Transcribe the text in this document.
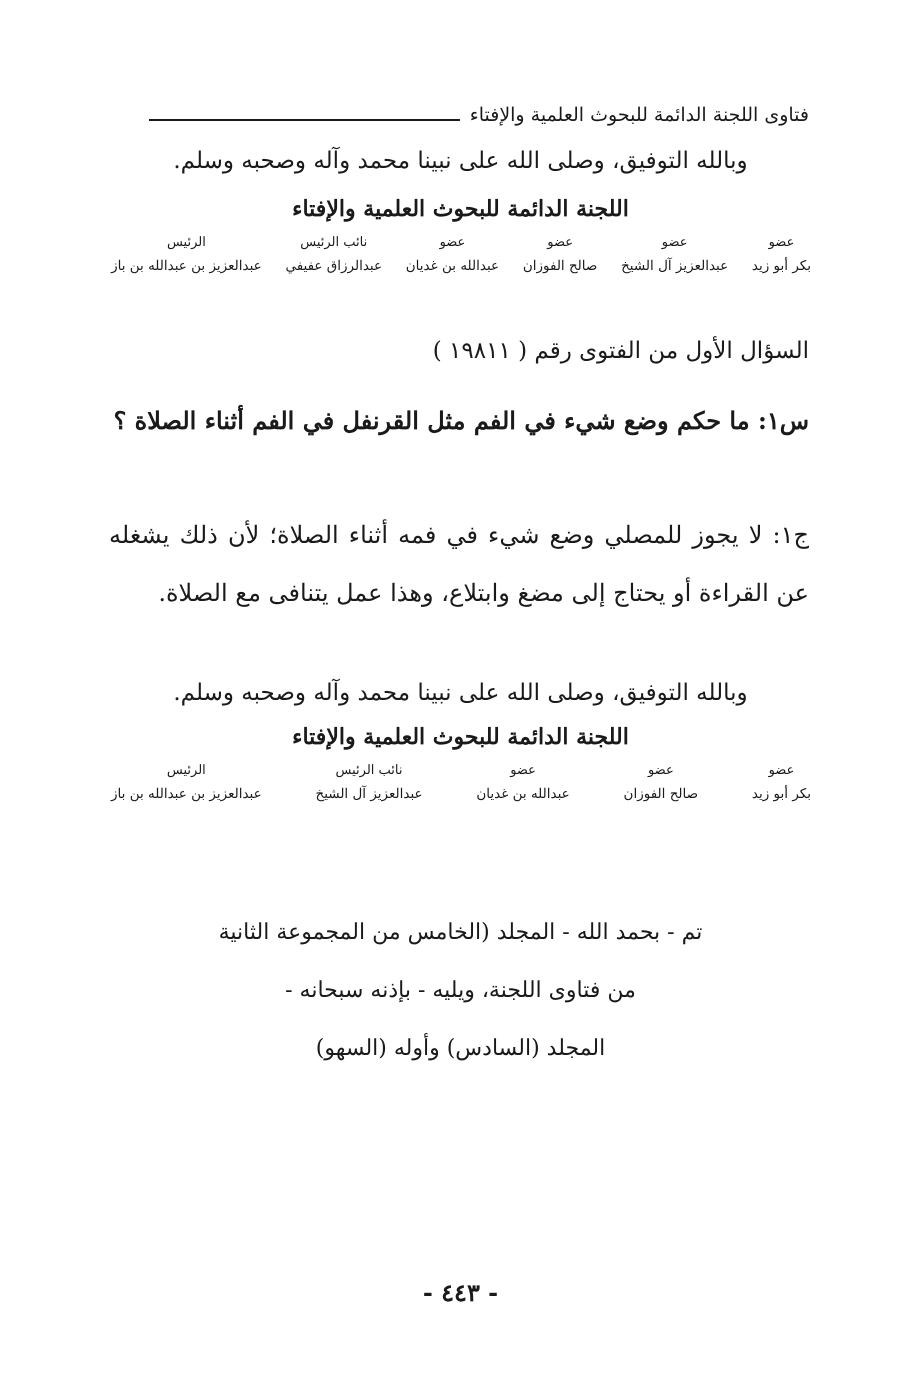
فتاوى اللجنة الدائمة للبحوث العلمية والإفتاء
وبالله التوفيق، وصلى الله على نبينا محمد وآله وصحبه وسلم.
اللجنة الدائمة للبحوث العلمية والإفتاء
عضو
بكر أبو زيد
عضو
عبدالعزيز آل الشيخ
عضو
صالح الفوزان
عضو
عبدالله بن غديان
نائب الرئيس
عبدالرزاق عفيفي
الرئيس
عبدالعزيز بن عبدالله بن باز
السؤال الأول من الفتوى رقم ( ١٩٨١١ )
س١: ما حكم وضع شيء في الفم مثل القرنفل في الفم أثناء الصلاة ؟
ج١: لا يجوز للمصلي وضع شيء في فمه أثناء الصلاة؛ لأن ذلك يشغله عن القراءة أو يحتاج إلى مضغ وابتلاع، وهذا عمل يتنافى مع الصلاة.
وبالله التوفيق، وصلى الله على نبينا محمد وآله وصحبه وسلم.
اللجنة الدائمة للبحوث العلمية والإفتاء
عضو
بكر أبو زيد
عضو
صالح الفوزان
عضو
عبدالله بن غديان
نائب الرئيس
عبدالعزيز آل الشيخ
الرئيس
عبدالعزيز بن عبدالله بن باز
تم - بحمد الله - المجلد (الخامس من المجموعة الثانية
من فتاوى اللجنة، ويليه - بإذنه سبحانه -
المجلد (السادس) وأوله (السهو)
- ٤٤٣ -
